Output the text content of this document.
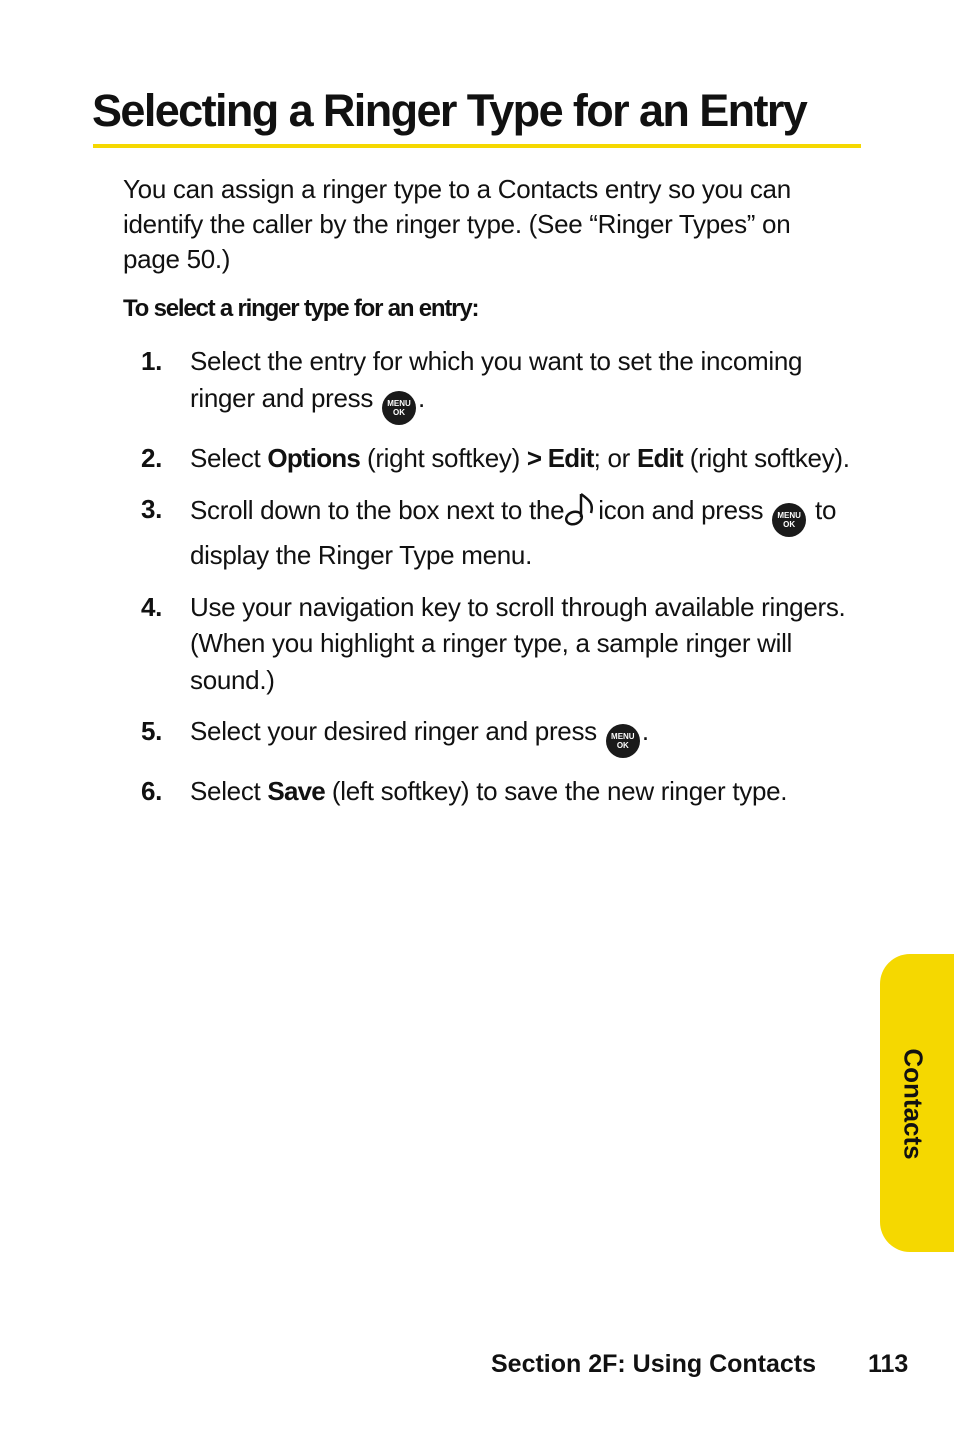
Selecting a Ringer Type for an Entry

You can assign a ringer type to a Contacts entry so you can identify the caller by the ringer type. (See “Ringer Types” on page 50.)

To select a ringer type for an entry:

1. Select the entry for which you want to set the incoming ringer and press	MENU
OK .
2. Select Options (right softkey) > Edit; or Edit (right softkey).
3. Scroll down to the box next to the icon and press	MENU
OK to display the Ringer Type menu.
4. Use your navigation key to scroll through available ringers. (When you highlight a ringer type, a sample ringer will sound.)
5. Select your desired ringer and press	MENU
OK .
6. Select Save (left softkey) to save the new ringer type.
Contacts
Section 2F: Using Contacts 113
